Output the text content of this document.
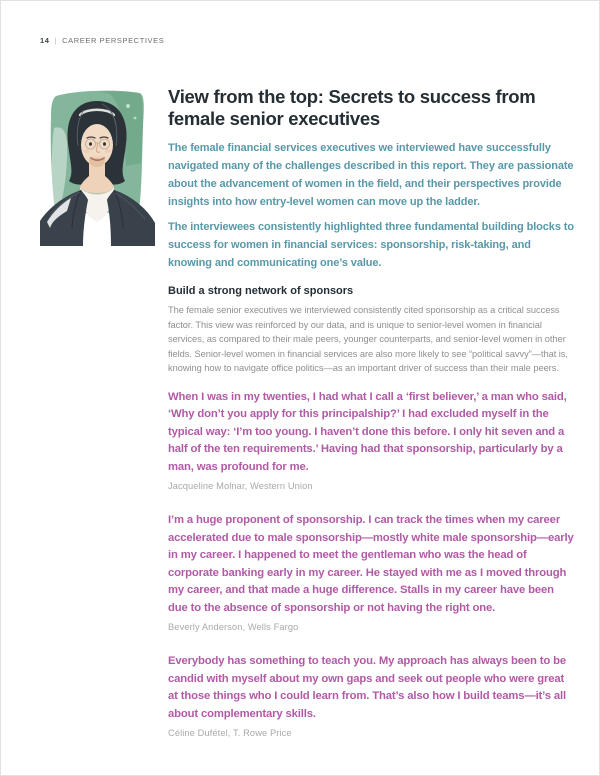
14 | CAREER PERSPECTIVES
View from the top: Secrets to success from female senior executives

The female financial services executives we interviewed have successfully navigated many of the challenges described in this report. They are passionate about the advancement of women in the field, and their perspectives provide insights into how entry-level women can move up the ladder.

The interviewees consistently highlighted three fundamental building blocks to success for women in financial services: sponsorship, risk-taking, and knowing and communicating one’s value.

Build a strong network of sponsors

The female senior executives we interviewed consistently cited sponsorship as a critical success factor. This view was reinforced by our data, and is unique to senior-level women in financial services, as compared to their male peers, younger counterparts, and senior-level women in other fields. Senior-level women in financial services are also more likely to see “political savvy”—that is, knowing how to navigate office politics—as an important driver of success than their male peers.

When I was in my twenties, I had what I call a ‘first believer,’ a man who said, ‘Why don’t you apply for this principalship?’ I had excluded myself in the typical way: ‘I’m too young. I haven’t done this before. I only hit seven and a half of the ten requirements.’ Having had that sponsorship, particularly by a man, was profound for me.

Jacqueline Molnar, Western Union

I’m a huge proponent of sponsorship. I can track the times when my career accelerated due to male sponsorship—mostly white male sponsorship—early in my career. I happened to meet the gentleman who was the head of corporate banking early in my career. He stayed with me as I moved through my career, and that made a huge difference. Stalls in my career have been due to the absence of sponsorship or not having the right one.

Beverly Anderson, Wells Fargo

Everybody has something to teach you. My approach has always been to be candid with myself about my own gaps and seek out people who were great at those things who I could learn from. That’s also how I build teams—it’s all about complementary skills.

Céline Dufétel, T. Rowe Price
